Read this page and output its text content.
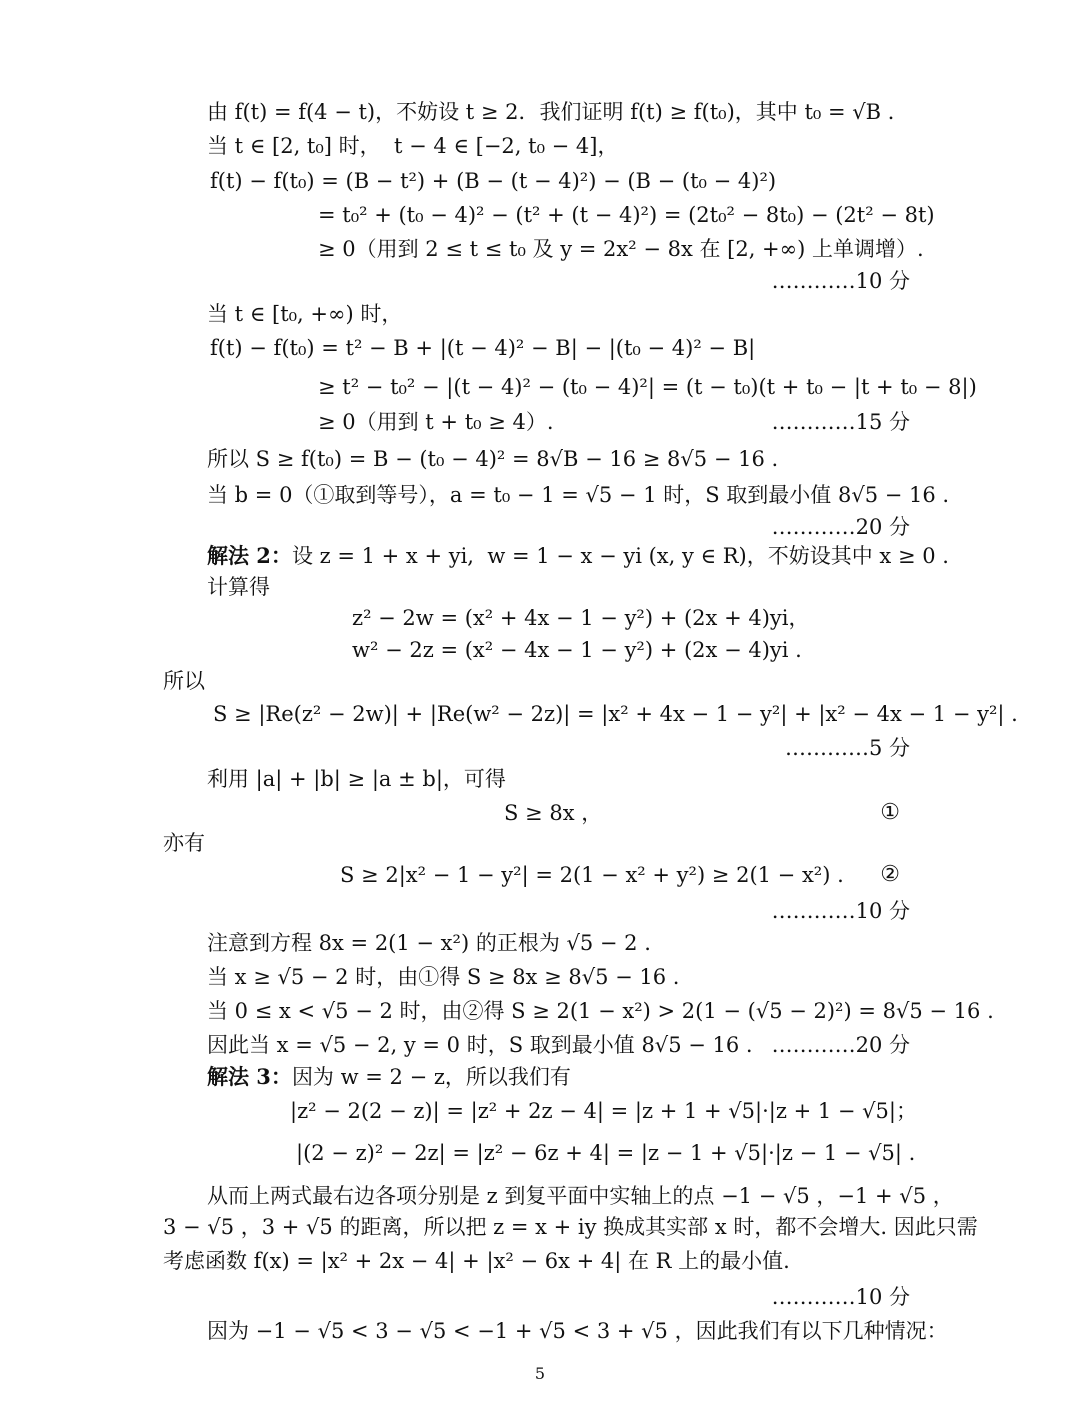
由 f(t) = f(4 − t)，不妨设 t ≥ 2．我们证明 f(t) ≥ f(t₀)，其中 t₀ = √B ．
当 t ∈ [2, t₀] 时，  t − 4 ∈ [−2, t₀ − 4]，
f(t) − f(t₀) = (B − t²) + (B − (t − 4)²) − (B − (t₀ − 4)²)
= t₀² + (t₀ − 4)² − (t² + (t − 4)²) = (2t₀² − 8t₀) − (2t² − 8t)
≥ 0（用到 2 ≤ t ≤ t₀ 及 y = 2x² − 8x 在 [2, +∞) 上单调增）.
…………10 分
当 t ∈ [t₀, +∞) 时，
f(t) − f(t₀) = t² − B + |(t − 4)² − B| − |(t₀ − 4)² − B|
≥ t² − t₀² − |(t − 4)² − (t₀ − 4)²| = (t − t₀)(t + t₀ − |t + t₀ − 8|)
≥ 0（用到 t + t₀ ≥ 4）.	…………15 分
所以 S ≥ f(t₀) = B − (t₀ − 4)² = 8√B − 16 ≥ 8√5 − 16 .
当 b = 0（①取到等号），a = t₀ − 1 = √5 − 1 时，S 取到最小值 8√5 − 16 .
…………20 分
解法 2：设 z = 1 + x + yi,  w = 1 − x − yi (x, y ∈ R)，不妨设其中 x ≥ 0 .
计算得
z² − 2w = (x² + 4x − 1 − y²) + (2x + 4)yi，
w² − 2z = (x² − 4x − 1 − y²) + (2x − 4)yi .
所以
S ≥ |Re(z² − 2w)| + |Re(w² − 2z)| = |x² + 4x − 1 − y²| + |x² − 4x − 1 − y²| .
…………5 分
利用 |a| + |b| ≥ |a ± b|，可得
S ≥ 8x ，	①
亦有
S ≥ 2|x² − 1 − y²| = 2(1 − x² + y²) ≥ 2(1 − x²) . ②
…………10 分
注意到方程 8x = 2(1 − x²) 的正根为 √5 − 2 .
当 x ≥ √5 − 2 时，由①得 S ≥ 8x ≥ 8√5 − 16 .
当 0 ≤ x < √5 − 2 时，由②得 S ≥ 2(1 − x²) > 2(1 − (√5 − 2)²) = 8√5 − 16 .
因此当 x = √5 − 2, y = 0 时，S 取到最小值 8√5 − 16 . …………20 分
解法 3：因为 w = 2 − z，所以我们有
|z² − 2(2 − z)| = |z² + 2z − 4| = |z + 1 + √5|·|z + 1 − √5|；
|(2 − z)² − 2z| = |z² − 6z + 4| = |z − 1 + √5|·|z − 1 − √5| .
从而上两式最右边各项分别是 z 到复平面中实轴上的点 −1 − √5 ，−1 + √5 ，
3 − √5 ，3 + √5 的距离，所以把 z = x + iy 换成其实部 x 时，都不会增大. 因此只需
考虑函数 f(x) = |x² + 2x − 4| + |x² − 6x + 4| 在 R 上的最小值.
…………10 分
因为 −1 − √5 < 3 − √5 < −1 + √5 < 3 + √5 ，因此我们有以下几种情况：
5
